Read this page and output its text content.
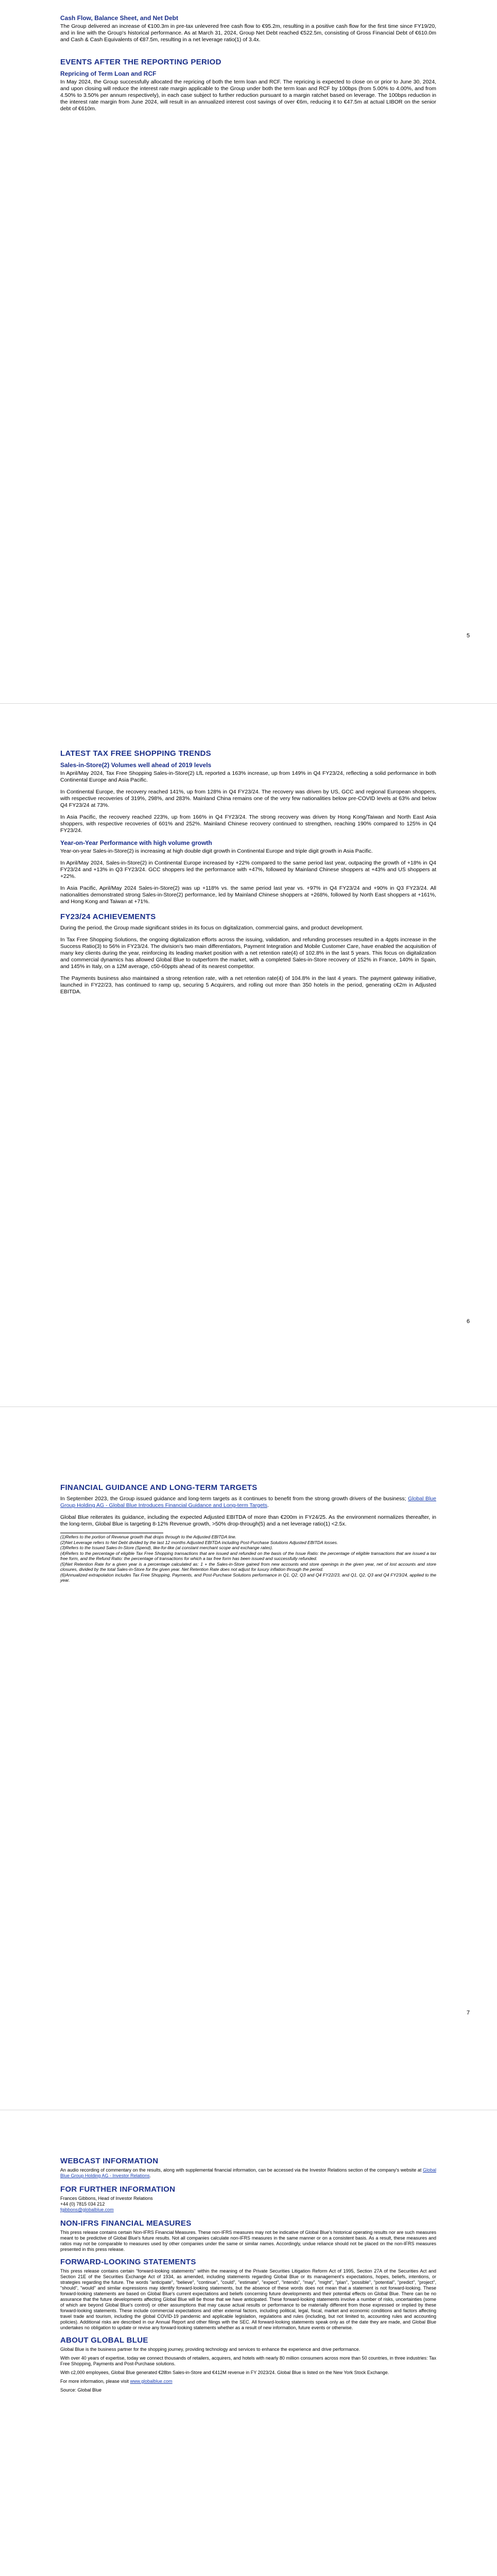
Cash Flow, Balance Sheet, and Net Debt

The Group delivered an increase of €100.3m in pre-tax unlevered free cash flow to €95.2m, resulting in a positive cash flow for the first time since FY19/20, and in line with the Group's historical performance. As at March 31, 2024, Group Net Debt reached €522.5m, consisting of Gross Financial Debt of €610.0m and Cash & Cash Equivalents of €87.5m, resulting in a net leverage ratio(1) of 3.4x.

EVENTS AFTER THE REPORTING PERIOD
Repricing of Term Loan and RCF

In May 2024, the Group successfully allocated the repricing of both the term loan and RCF. The repricing is expected to close on or prior to June 30, 2024, and upon closing will reduce the interest rate margin applicable to the Group under both the term loan and RCF by 100bps (from 5.00% to 4.00%, and from 4.50% to 3.50% per annum respectively), in each case subject to further reduction pursuant to a margin ratchet based on leverage. The 100bps reduction in the interest rate margin from June 2024, will result in an annualized interest cost savings of over €6m, reducing it to €47.5m at actual LIBOR on the senior debt of €610m.

5
LATEST TAX FREE SHOPPING TRENDS
Sales-in-Store(2) Volumes well ahead of 2019 levels

In April/May 2024, Tax Free Shopping Sales-in-Store(2) LfL reported a 163% increase, up from 149% in Q4 FY23/24, reflecting a solid performance in both Continental Europe and Asia Pacific.

In Continental Europe, the recovery reached 141%, up from 128% in Q4 FY23/24. The recovery was driven by US, GCC and regional European shoppers, with respective recoveries of 319%, 298%, and 283%. Mainland China remains one of the very few nationalities below pre-COVID levels at 63% and below Q4 FY23/24 at 73%.

In Asia Pacific, the recovery reached 223%, up from 166% in Q4 FY23/24. The strong recovery was driven by Hong Kong/Taiwan and North East Asia shoppers, with respective recoveries of 601% and 252%. Mainland Chinese recovery continued to strengthen, reaching 190% compared to 125% in Q4 FY23/24.

Year-on-Year Performance with high volume growth

Year-on-year Sales-in-Store(2) is increasing at high double digit growth in Continental Europe and triple digit growth in Asia Pacific.

In April/May 2024, Sales-in-Store(2) in Continental Europe increased by +22% compared to the same period last year, outpacing the growth of +18% in Q4 FY23/24 and +13% in Q3 FY23/24. GCC shoppers led the performance with +47%, followed by Mainland Chinese shoppers at +43% and US shoppers at +22%.

In Asia Pacific, April/May 2024 Sales-in-Store(2) was up +118% vs. the same period last year vs. +97% in Q4 FY23/24 and +90% in Q3 FY23/24. All nationalities demonstrated strong Sales-in-Store(2) performance, led by Mainland Chinese shoppers at +268%, followed by North East shoppers at +161%, and Hong Kong and Taiwan at +71%.

FY23/24 ACHIEVEMENTS

During the period, the Group made significant strides in its focus on digitalization, commercial gains, and product development.

In Tax Free Shopping Solutions, the ongoing digitalization efforts across the issuing, validation, and refunding processes resulted in a 4ppts increase in the Success Ratio(3) to 56% in FY23/24. The division's two main differentiators, Payment Integration and Mobile Customer Care, have enabled the acquisition of many key clients during the year, reinforcing its leading market position with a net retention rate(4) of 102.8% in the last 5 years. This focus on digitalization and commercial dynamics has allowed Global Blue to outperform the market, with a completed Sales-in-Store recovery of 152% in France, 140% in Spain, and 145% in Italy, on a 12M average, c50-60ppts ahead of its nearest competitor.

The Payments business also maintained a strong retention rate, with a net retention rate(4) of 104.8% in the last 4 years. The payment gateway initiative, launched in FY22/23, has continued to ramp up, securing 5 Acquirers, and rolling out more than 350 hotels in the period, generating c€2m in Adjusted EBITDA.

6
FINANCIAL GUIDANCE AND LONG-TERM TARGETS

In September 2023, the Group issued guidance and long-term targets as it continues to benefit from the strong growth drivers of the business; Global Blue Group Holding AG - Global Blue Introduces Financial Guidance and Long-term Targets.

Global Blue reiterates its guidance, including the expected Adjusted EBITDA of more than €200m in FY24/25. As the environment normalizes thereafter, in the long-term, Global Blue is targeting 8-12% Revenue growth, >50% drop-through(5) and a net leverage ratio(1) <2.5x.

(1)Refers to the portion of Revenue growth that drops through to the Adjusted EBITDA line.

(2)Net Leverage refers to Net Debt divided by the last 12 months Adjusted EBITDA including Post-Purchase Solutions Adjusted EBITDA losses.

(3)Refers to the Issued Sales-In-Store (Spend), like-for-like (at constant merchant scope and exchange rates).

(4)Refers to the percentage of eligible Tax Free Shopping transactions that are issued and refunded on the basis of the Issue Ratio: the percentage of eligible transactions that are issued a tax free form, and the Refund Ratio: the percentage of transactions for which a tax free form has been issued and successfully refunded.

(5)Net Retention Rate for a given year is a percentage calculated as: 1 + the Sales-in-Store gained from new accounts and store openings in the given year, net of lost accounts and store closures, divided by the total Sales-in-Store for the given year. Net Retention Rate does not adjust for luxury inflation through the period.

(6)Annualized extrapolation includes Tax Free Shopping, Payments, and Post-Purchase Solutions performance in Q1, Q2, Q3 and Q4 FY22/23, and Q1, Q2, Q3 and Q4 FY23/24, applied to the year.

7
WEBCAST INFORMATION

An audio recording of commentary on the results, along with supplemental financial information, can be accessed via the Investor Relations section of the company's website at Global Blue Group Holding AG - Investor Relations.

FOR FURTHER INFORMATION

Frances Gibbons, Head of Investor Relations

+44 (0) 7815 034 212

fgibbons@globalblue.com

NON-IFRS FINANCIAL MEASURES

This press release contains certain Non-IFRS Financial Measures. These non-IFRS measures may not be indicative of Global Blue's historical operating results nor are such measures meant to be predictive of Global Blue's future results. Not all companies calculate non-IFRS measures in the same manner or on a consistent basis. As a result, these measures and ratios may not be comparable to measures used by other companies under the same or similar names. Accordingly, undue reliance should not be placed on the non-IFRS measures presented in this press release.

FORWARD-LOOKING STATEMENTS

This press release contains certain "forward-looking statements" within the meaning of the Private Securities Litigation Reform Act of 1995, Section 27A of the Securities Act and Section 21E of the Securities Exchange Act of 1934, as amended, including statements regarding Global Blue or its management's expectations, hopes, beliefs, intentions, or strategies regarding the future. The words "anticipate", "believe", "continue", "could", "estimate", "expect", "intends", "may", "might", "plan", "possible", "potential", "predict", "project", "should", "would" and similar expressions may identify forward-looking statements, but the absence of these words does not mean that a statement is not forward-looking. These forward-looking statements are based on Global Blue's current expectations and beliefs concerning future developments and their potential effects on Global Blue. There can be no assurance that the future developments affecting Global Blue will be those that we have anticipated. These forward-looking statements involve a number of risks, uncertainties (some of which are beyond Global Blue's control) or other assumptions that may cause actual results or performance to be materially different from those expressed or implied by these forward-looking statements. These include commercial expectations and other external factors, including political, legal, fiscal, market and economic conditions and factors affecting travel trade and tourism, including the global COVID-19 pandemic and applicable legislation, regulations and rules (including, but not limited to, accounting rules and accounting policies). Additional risks are described in our Annual Report and other filings with the SEC. All forward-looking statements speak only as of the date they are made, and Global Blue undertakes no obligation to update or revise any forward-looking statements whether as a result of new information, future events or otherwise.

ABOUT GLOBAL BLUE

Global Blue is the business partner for the shopping journey, providing technology and services to enhance the experience and drive performance.

With over 40 years of expertise, today we connect thousands of retailers, acquirers, and hotels with nearly 80 million consumers across more than 50 countries, in three industries: Tax Free Shopping, Payments and Post-Purchase solutions.

With c2,000 employees, Global Blue generated €28bn Sales-in-Store and €412M revenue in FY 2023/24. Global Blue is listed on the New York Stock Exchange.

For more information, please visit www.globalblue.com

Source: Global Blue
